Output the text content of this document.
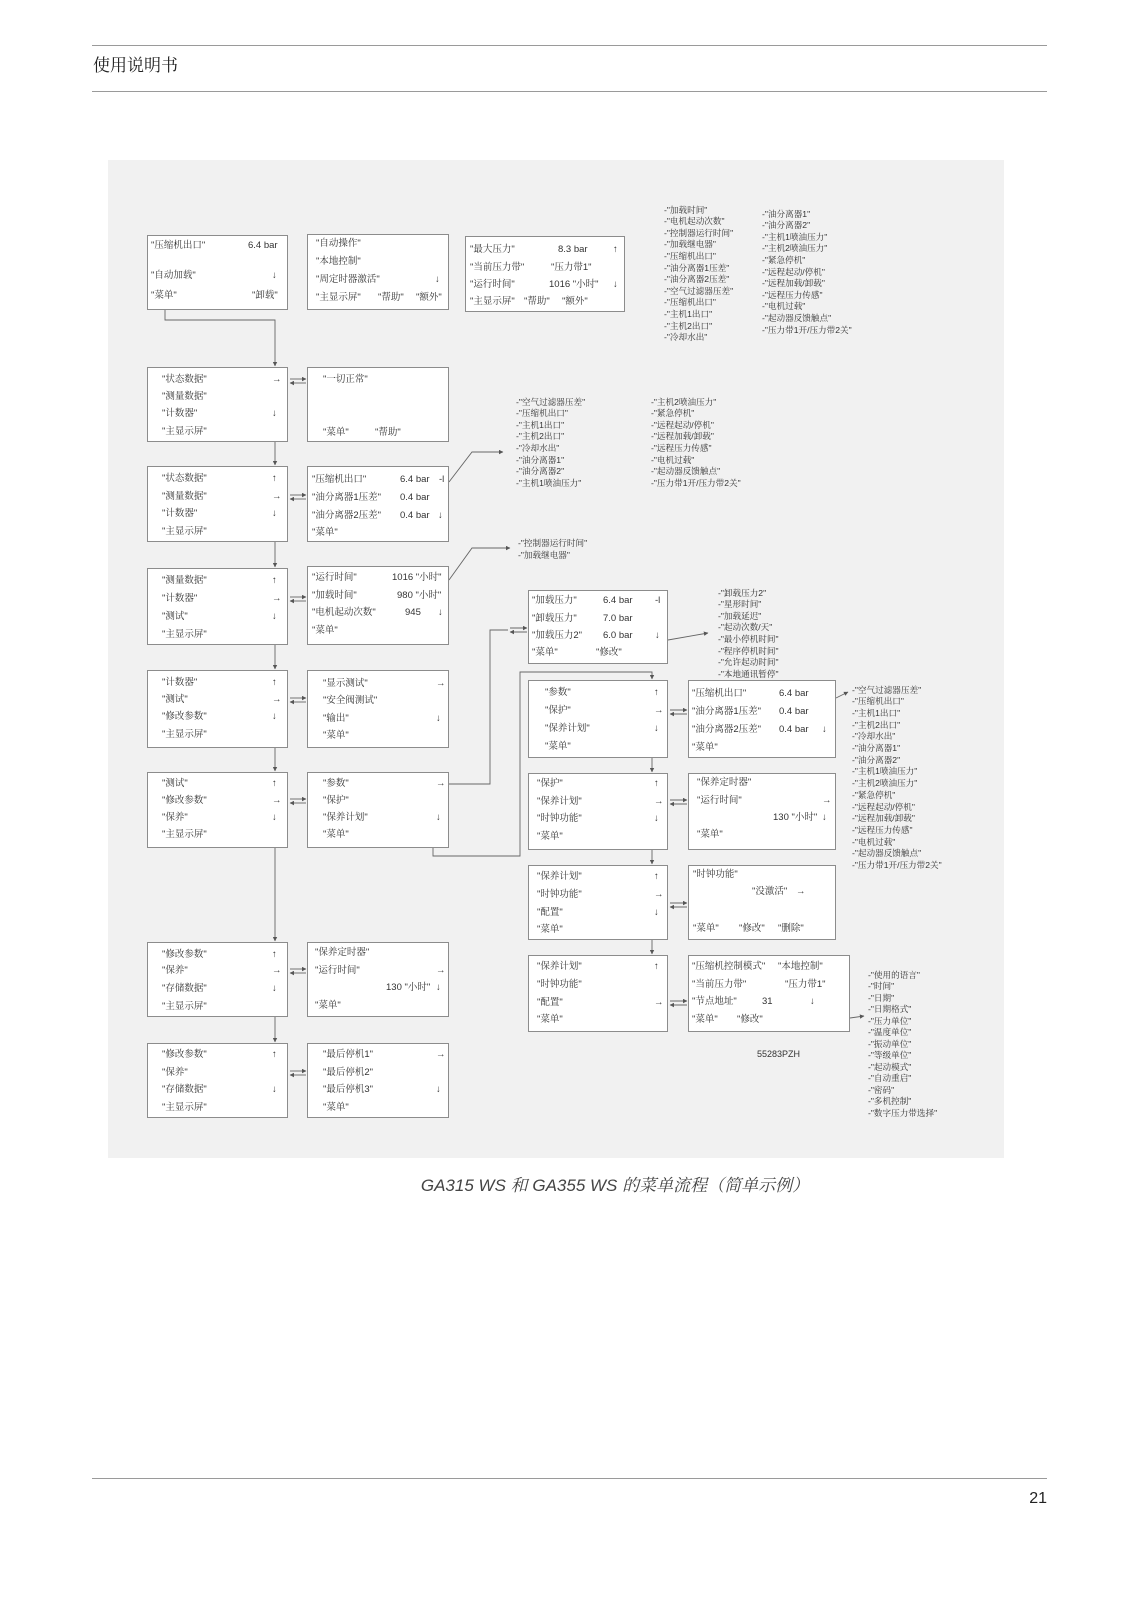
使用说明书
"压缩机出口"	6.4 bar
"自动加载"	↓
"菜单"	"卸载"
"自动操作"
"本地控制"
"周定时器激活"	↓
"主显示屏" "帮助" "额外"
"最大压力"	8.3 bar	↑
"当前压力带"	"压力带1"
"运行时间"	1016 "小时" ↓
"主显示屏" "帮助" "额外"
"状态数据"	→
"测量数据"
"计数器"	↓
"主显示屏"
"一切正常"
"菜单"	"帮助"
"状态数据"	↑
"测量数据"	→
"计数器"	↓
"主显示屏"
"压缩机出口"	6.4 bar -l
"油分离器1压差" 0.4 bar
"油分离器2压差" 0.4 bar ↓
"菜单"
"测量数据"	↑
"计数器"	→
"测试"	↓
"主显示屏"
"运行时间"	1016 "小时"
"加载时间"	980 "小时"
"电机起动次数"	945 ↓
"菜单"
"加载压力"	6.4 bar -l
"卸载压力"	7.0 bar
"加载压力2" 6.0 bar ↓
"菜单"	"修改"
"计数器"	↑
"测试"	→
"修改参数"	↓
"主显示屏"
"显示测试"	→
"安全阀测试"
"输出"	↓
"菜单"
"参数"	↑
"保护"	→
"保养计划"	↓
"菜单"
"压缩机出口"	6.4 bar
"油分离器1压差" 0.4 bar
"油分离器2压差" 0.4 bar ↓
"菜单"
"测试"	↑
"修改参数"	→
"保养"	↓
"主显示屏"
"参数"	→
"保护"
"保养计划"	↓
"菜单"
"保护"	↑
"保养计划"	→
"时钟功能"	↓
"菜单"
"保养定时器"
"运行时间"	→
130 "小时" ↓
"菜单"
"保养计划"	↑
"时钟功能"	→
"配置"	↓
"菜单"
"时钟功能"
"没激活" →
"菜单" "修改" "删除"
"修改参数"	↑
"保养"	→
"存储数据"	↓
"主显示屏"
"保养定时器"
"运行时间"	→
130 "小时" ↓
"菜单"
"保养计划"	↑
"时钟功能"
"配置"	→
"菜单"
"压缩机控制模式" "本地控制"
"当前压力带"	"压力带1"
"节点地址"	31	↓
"菜单" "修改"
"修改参数"	↑
"保养"
"存储数据"	↓
"主显示屏"
"最后停机1"	→
"最后停机2"
"最后停机3"	↓
"菜单"
-"加载时间"
-"电机起动次数"
-"控制器运行时间"
-"加载继电器"
-"压缩机出口"
-"油分离器1压差"
-"油分离器2压差"
-"空气过滤器压差"
-"压缩机出口"
-"主机1出口"
-"主机2出口"
-"冷却水出"
-"油分离器1"
-"油分离器2"
-"主机1喷油压力"
-"主机2喷油压力"
-"紧急停机"
-"远程起动/停机"
-"远程加载/卸载"
-"远程压力传感"
-"电机过载"
-"起动器反馈触点"
-"压力带1开/压力带2关"
-"空气过滤器压差"
-"压缩机出口"
-"主机1出口"
-"主机2出口"
-"冷却水出"
-"油分离器1"
-"油分离器2"
-"主机1喷油压力"
-"主机2喷油压力"
-"紧急停机"
-"远程起动/停机"
-"远程加载/卸载"
-"远程压力传感"
-"电机过载"
-"起动器反馈触点"
-"压力带1开/压力带2关"
-"控制器运行时间"
-"加载继电器"
-"卸载压力2"
-"星形时间"
-"加载延迟"
-"起动次数/天"
-"最小停机时间"
-"程序停机时间"
-"允许起动时间"
-"本地通讯暂停"
-"空气过滤器压差"
-"压缩机出口"
-"主机1出口"
-"主机2出口"
-"冷却水出"
-"油分离器1"
-"油分离器2"
-"主机1喷油压力"
-"主机2喷油压力"
-"紧急停机"
-"远程起动/停机"
-"远程加载/卸载"
-"远程压力传感"
-"电机过载"
-"起动器反馈触点"
-"压力带1开/压力带2关"
-"使用的语言"
-"时间"
-"日期"
-"日期格式"
-"压力单位"
-"温度单位"
-"振动单位"
-"等级单位"
-"起动模式"
-"自动重启"
-"密码"
-"多机控制"
-"数字压力带选择"
55283PZH
GA315 WS 和 GA355 WS 的菜单流程（简单示例）
21
